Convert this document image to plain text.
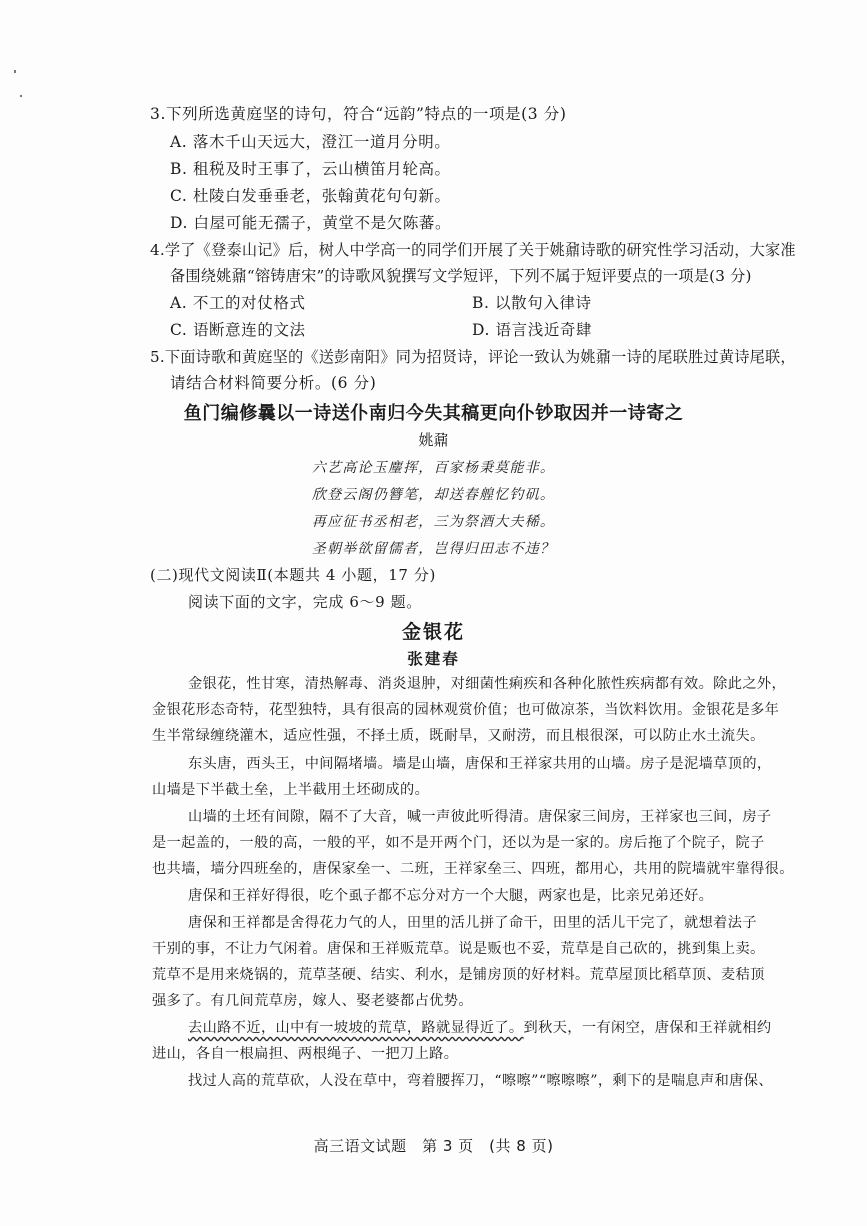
3.下列所选黄庭坚的诗句，符合“远韵”特点的一项是(3 分)
A. 落木千山天远大，澄江一道月分明。
B. 租税及时王事了，云山横笛月轮高。
C. 杜陵白发垂垂老，张翰黄花句句新。
D. 白屋可能无孺子，黄堂不是欠陈蕃。
4.学了《登泰山记》后，树人中学高一的同学们开展了关于姚鼐诗歌的研究性学习活动，大家准
备围绕姚鼐“镕铸唐宋”的诗歌风貌撰写文学短评，下列不属于短评要点的一项是(3 分)
A. 不工的对仗格式	B. 以散句入律诗
C. 语断意连的文法	D. 语言浅近奇肆
5.下面诗歌和黄庭坚的《送彭南阳》同为招贤诗，评论一致认为姚鼐一诗的尾联胜过黄诗尾联，
请结合材料简要分析。(6 分)
鱼门编修曩以一诗送仆南归今失其稿更向仆钞取因并一诗寄之
姚鼐
六艺高论玉麈挥，百家杨秉莫能非。
欣登云阁仍簪笔，却送春艎忆钓矶。
再应征书丞相老，三为祭酒大夫稀。
圣朝举欲留儒者，岂得归田志不违？
(二)现代文阅读Ⅱ(本题共 4 小题，17 分)
阅读下面的文字，完成 6～9 题。
金银花
张建春
金银花，性甘寒，清热解毒、消炎退肿，对细菌性痢疾和各种化脓性疾病都有效。除此之外，
金银花形态奇特，花型独特，具有很高的园林观赏价值；也可做凉茶，当饮料饮用。金银花是多年
生半常绿缠绕灌木，适应性强，不择土质，既耐旱，又耐涝，而且根很深，可以防止水土流失。
东头唐，西头王，中间隔堵墙。墙是山墙，唐保和王祥家共用的山墙。房子是泥墙草顶的，
山墙是下半截土垒，上半截用土坯砌成的。
山墙的土坯有间隙，隔不了大音，喊一声彼此听得清。唐保家三间房，王祥家也三间，房子
是一起盖的，一般的高，一般的平，如不是开两个门，还以为是一家的。房后拖了个院子，院子
也共墙，墙分四班垒的，唐保家垒一、二班，王祥家垒三、四班，都用心，共用的院墙就牢靠得很。
唐保和王祥好得很，吃个虱子都不忘分对方一个大腿，两家也是，比亲兄弟还好。
唐保和王祥都是舍得花力气的人，田里的活儿拼了命干，田里的活儿干完了，就想着法子
干别的事，不让力气闲着。唐保和王祥贩荒草。说是贩也不妥，荒草是自己砍的，挑到集上卖。
荒草不是用来烧锅的，荒草茎硬、结实、利水，是铺房顶的好材料。荒草屋顶比稻草顶、麦秸顶
强多了。有几间荒草房，嫁人、娶老婆都占优势。
去山路不近，山中有一坡坡的荒草，路就显得近了。到秋天，一有闲空，唐保和王祥就相约
进山，各自一根扁担、两根绳子、一把刀上路。
找过人高的荒草砍，人没在草中，弯着腰挥刀，“嚓嚓”“嚓嚓嚓”，剩下的是喘息声和唐保、
高三语文试题　第 3 页　(共 8 页)
